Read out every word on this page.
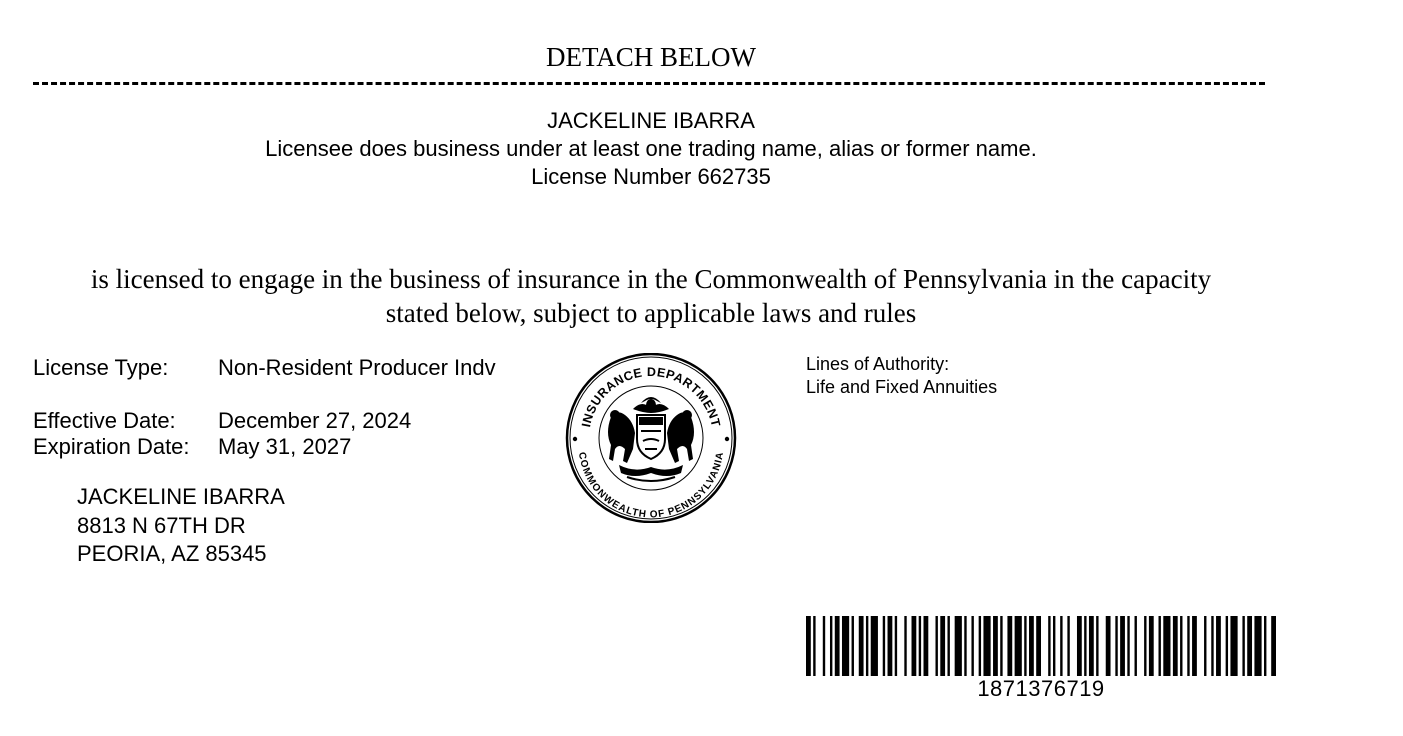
DETACH BELOW
JACKELINE IBARRA
Licensee does business under at least one trading name, alias or former name.
License Number 662735
is licensed to engage in the business of insurance in the Commonwealth of Pennsylvania in the capacity
stated below, subject to applicable laws and rules
License Type: Non-Resident Producer Indv
Effective Date: December 27, 2024
Expiration Date: May 31, 2027
JACKELINE IBARRA
8813 N 67TH DR
PEORIA, AZ 85345
INSURANCE DEPARTMENT
COMMONWEALTH OF PENNSYLVANIA
Lines of Authority:
Life and Fixed Annuities
1871376719
